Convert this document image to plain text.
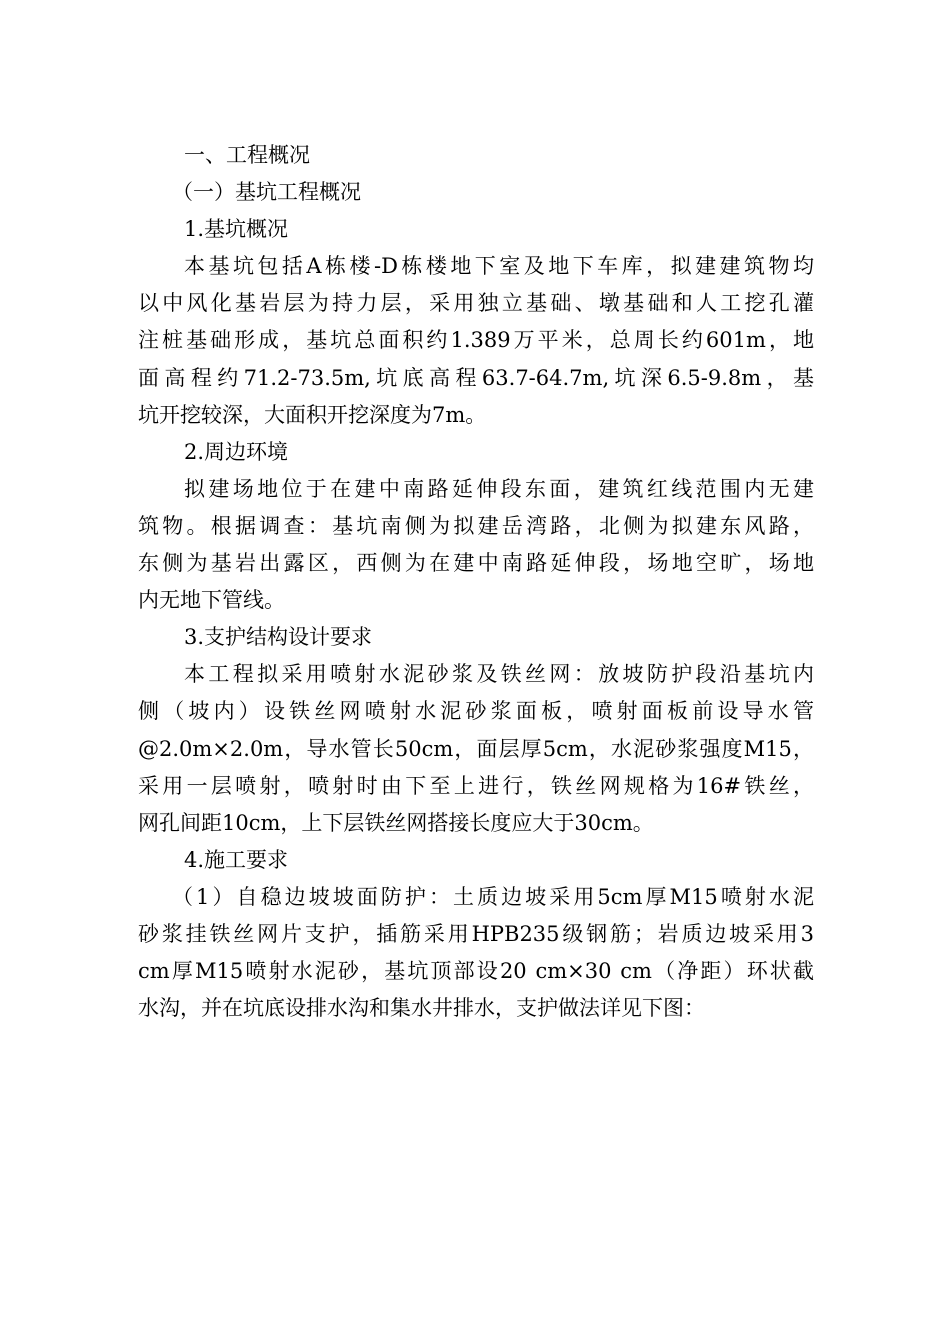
一、工程概况
（一）基坑工程概况
1.基坑概况
本基坑包括A栋楼-D栋楼地下室及地下车库，拟建建筑物均
以中风化基岩层为持力层，采用独立基础、墩基础和人工挖孔灌
注桩基础形成，基坑总面积约1.389万平米，总周长约601m，地
面高程约71.2-73.5m,坑底高程63.7-64.7m,坑深6.5-9.8m，基
坑开挖较深，大面积开挖深度为7m。
2.周边环境
拟建场地位于在建中南路延伸段东面，建筑红线范围内无建
筑物。根据调查：基坑南侧为拟建岳湾路，北侧为拟建东风路，
东侧为基岩出露区，西侧为在建中南路延伸段，场地空旷，场地
内无地下管线。
3.支护结构设计要求
本工程拟采用喷射水泥砂浆及铁丝网：放坡防护段沿基坑内
侧（坡内）设铁丝网喷射水泥砂浆面板，喷射面板前设导水管
@2.0m×2.0m，导水管长50cm，面层厚5cm，水泥砂浆强度M15，
采用一层喷射，喷射时由下至上进行，铁丝网规格为16#铁丝，
网孔间距10cm，上下层铁丝网搭接长度应大于30cm。
4.施工要求
（1）自稳边坡坡面防护：土质边坡采用5cm厚M15喷射水泥
砂浆挂铁丝网片支护，插筋采用HPB235级钢筋；岩质边坡采用3
cm厚M15喷射水泥砂，基坑顶部设20 cm×30 cm（净距）环状截
水沟，并在坑底设排水沟和集水井排水，支护做法详见下图：
